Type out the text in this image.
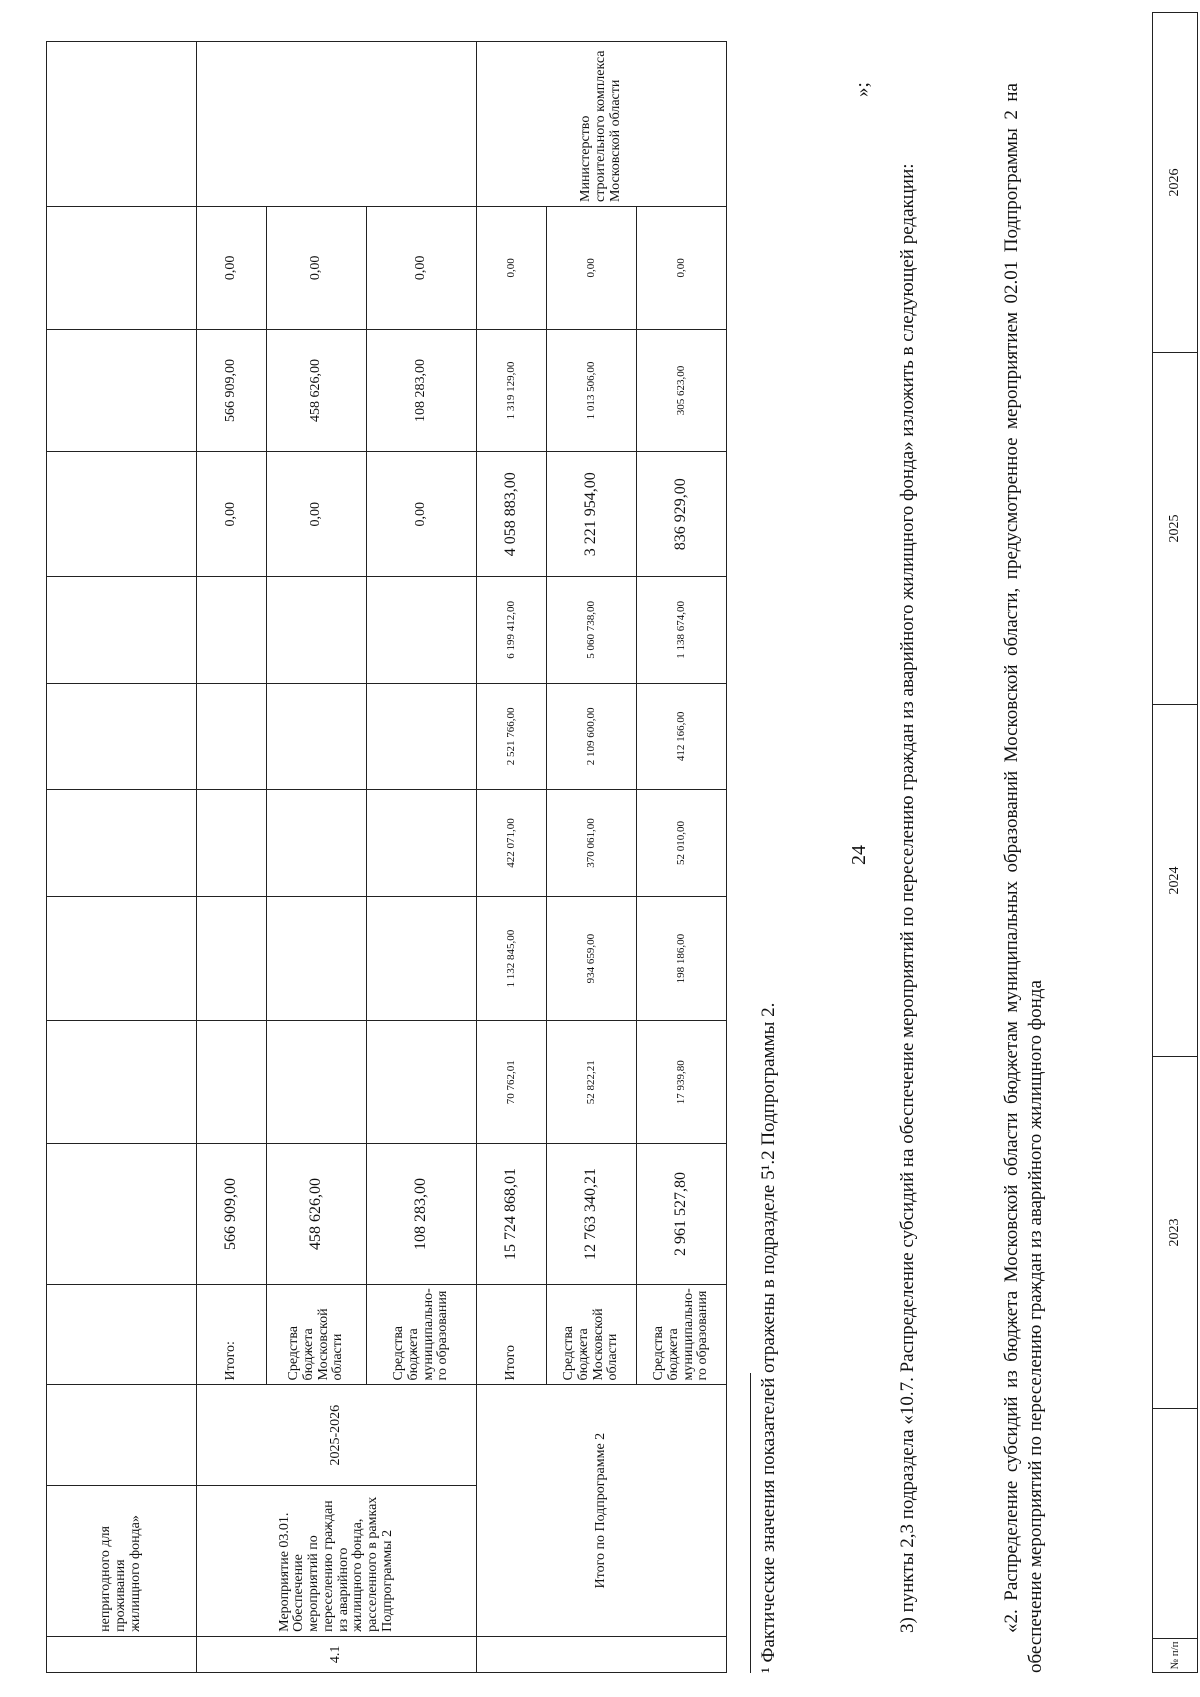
24
	непригодного для проживания жилищного фонда»												
4.1	Мероприятие 03.01. Обеспечение мероприятий по переселению граждан из аварийного жилищного фонда, расселенного в рамках Подпрограммы 2	2025-2026	Итого:	566 909,00						0,00	566 909,00	0,00	
			Средства бюджета Московской области	458 626,00						0,00	458 626,00	0,00	
			Средства бюджета муниципально-го образования	108 283,00						0,00	108 283,00	0,00	
	Итого по Подпрограмме 2		Итого	15 724 868,01	70 762,01	1 132 845,00	422 071,00	2 521 766,00	6 199 412,00	4 058 883,00	1 319 129,00	0,00	Министерство строительного комплекса Московской области
			Средства бюджета Московской области	12 763 340,21	52 822,21	934 659,00	370 061,00	2 109 600,00	5 060 738,00	3 221 954,00	1 013 506,00	0,00	
			Средства бюджета муниципально-го образования	2 961 527,80	17 939,80	198 186,00	52 010,00	412 166,00	1 138 674,00	836 929,00	305 623,00	0,00	
¹ Фактические значения показателей отражены в подразделе 5¹.2 Подпрограммы 2.
»;
3) пункты 2,3 подраздела «10.7. Распределение субсидий на обеспечение мероприятий по переселению граждан из аварийного жилищного фонда» изложить в следующей редакции:	«2. Распределение субсидий из бюджета Московской области бюджетам муниципальных образований Московской области, предусмотренное мероприятием 02.01 Подпрограммы 2 на обеспечение мероприятий по переселению граждан из аварийного жилищного фонда	№ п/п		2023	2024	2025	2026
